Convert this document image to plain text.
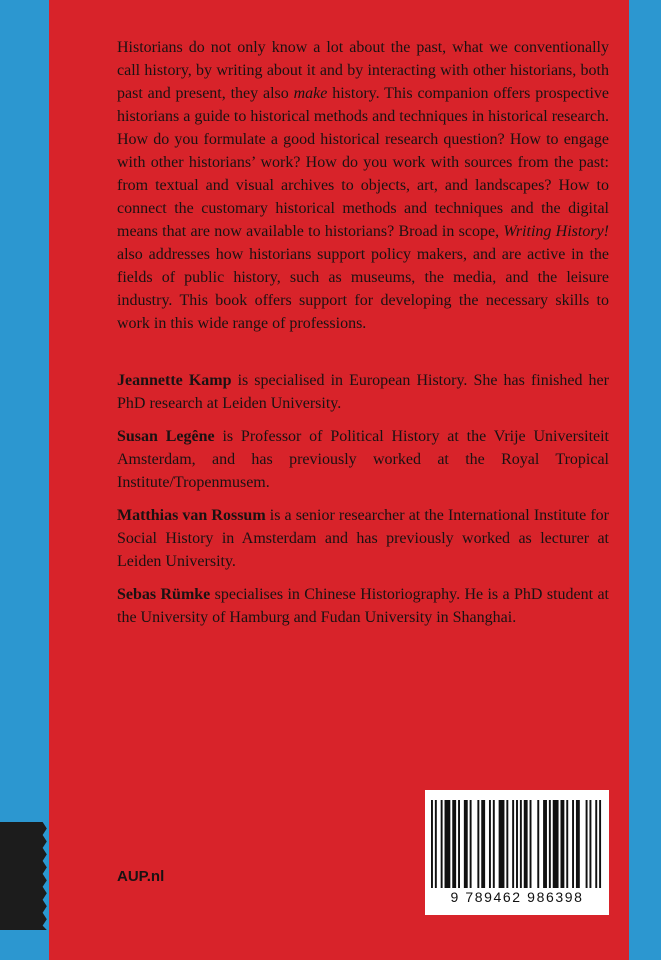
Historians do not only know a lot about the past, what we conventionally call history, by writing about it and by interacting with other historians, both past and present, they also make history. This companion offers prospective historians a guide to historical methods and techniques in historical research. How do you formulate a good historical research question? How to engage with other historians’ work? How do you work with sources from the past: from textual and visual archives to objects, art, and landscapes? How to connect the customary historical methods and techniques and the digital means that are now available to historians? Broad in scope, Writing History! also addresses how historians support policy makers, and are active in the fields of public history, such as museums, the media, and the leisure industry. This book offers support for developing the necessary skills to work in this wide range of professions.

Jeannette Kamp is specialised in European History. She has finished her PhD research at Leiden University.

Susan Legêne is Professor of Political History at the Vrije Universiteit Amsterdam, and has previously worked at the Royal Tropical Institute/Tropenmusem.

Matthias van Rossum is a senior researcher at the International Institute for Social History in Amsterdam and has previously worked as lecturer at Leiden University.

Sebas Rümke specialises in Chinese Historiography. He is a PhD student at the University of Hamburg and Fudan University in Shanghai.

AUP.nl
9 789462 986398
